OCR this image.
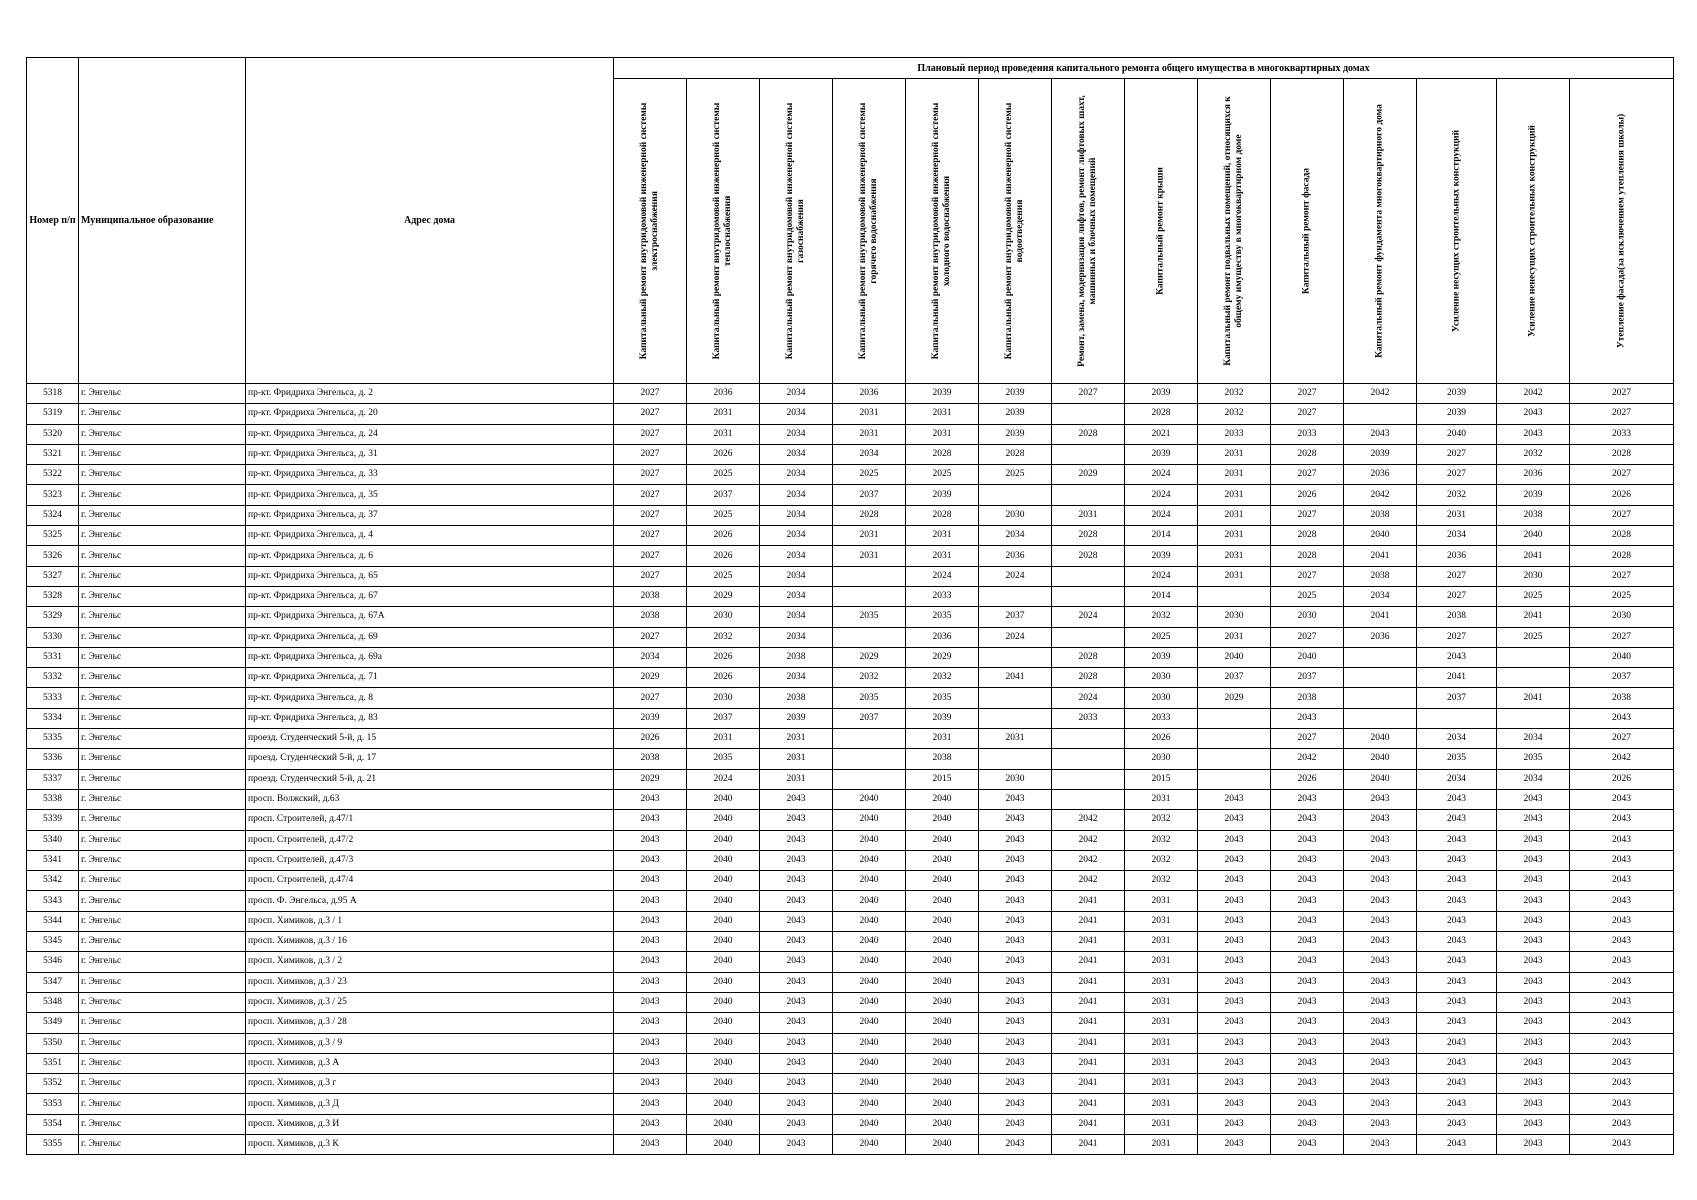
Номер п/п	Муниципальное образование	Адрес дома	Плановый период проведения капитального ремонта общего имущества в многоквартирных домах													

			Капитальный ремонт внутридомовой инженерной системы электроснабжения	Капитальный ремонт внутридомовой инженерной системы теплоснабжения	Капитальный ремонт внутридомовой инженерной системы газоснабжения	Капитальный ремонт внутридомовой инженерной системы горячего водоснабжения	Капитальный ремонт внутридомовой инженерной системы холодного водоснабжения	Капитальный ремонт внутридомовой инженерной системы водоотведения	Ремонт, замена, модернизация лифтов, ремонт лифтовых шахт, машинных и блочных помещений	Капитальный ремонт крыши	Капитальный ремонт подвальных помещений, относящихся к общему имуществу в многоквартирном доме	Капитальный ремонт фасада	Капитальный ремонт фундамента многоквартирного дома	Усиление несущих строительных конструкций	Усиление ненесущих строительных конструкций	Утепление фасада(за исключением утепления школы)

5318	г. Энгельс	пр-кт. Фридриха Энгельса, д. 2	2027	2036	2034	2036	2039	2039	2027	2039	2032	2027	2042	2039	2042	2027
5319	г. Энгельс	пр-кт. Фридриха Энгельса, д. 20	2027	2031	2034	2031	2031	2039		2028	2032	2027		2039	2043	2027
5320	г. Энгельс	пр-кт. Фридриха Энгельса, д. 24	2027	2031	2034	2031	2031	2039	2028	2021	2033	2033	2043	2040	2043	2033
5321	г. Энгельс	пр-кт. Фридриха Энгельса, д. 31	2027	2026	2034	2034	2028	2028		2039	2031	2028	2039	2027	2032	2028
5322	г. Энгельс	пр-кт. Фридриха Энгельса, д. 33	2027	2025	2034	2025	2025	2025	2029	2024	2031	2027	2036	2027	2036	2027
5323	г. Энгельс	пр-кт. Фридриха Энгельса, д. 35	2027	2037	2034	2037	2039			2024	2031	2026	2042	2032	2039	2026
5324	г. Энгельс	пр-кт. Фридриха Энгельса, д. 37	2027	2025	2034	2028	2028	2030	2031	2024	2031	2027	2038	2031	2038	2027
5325	г. Энгельс	пр-кт. Фридриха Энгельса, д. 4	2027	2026	2034	2031	2031	2034	2028	2014	2031	2028	2040	2034	2040	2028
5326	г. Энгельс	пр-кт. Фридриха Энгельса, д. 6	2027	2026	2034	2031	2031	2036	2028	2039	2031	2028	2041	2036	2041	2028
5327	г. Энгельс	пр-кт. Фридриха Энгельса, д. 65	2027	2025	2034		2024	2024		2024	2031	2027	2038	2027	2030	2027
5328	г. Энгельс	пр-кт. Фридриха Энгельса, д. 67	2038	2029	2034		2033			2014		2025	2034	2027	2025	2025
5329	г. Энгельс	пр-кт. Фридриха Энгельса, д. 67А	2038	2030	2034	2035	2035	2037	2024	2032	2030	2030	2041	2038	2041	2030
5330	г. Энгельс	пр-кт. Фридриха Энгельса, д. 69	2027	2032	2034		2036	2024		2025	2031	2027	2036	2027	2025	2027
5331	г. Энгельс	пр-кт. Фридриха Энгельса, д. 69а	2034	2026	2038	2029	2029		2028	2039	2040	2040		2043		2040
5332	г. Энгельс	пр-кт. Фридриха Энгельса, д. 71	2029	2026	2034	2032	2032	2041	2028	2030	2037	2037		2041		2037
5333	г. Энгельс	пр-кт. Фридриха Энгельса, д. 8	2027	2030	2038	2035	2035		2024	2030	2029	2038		2037	2041	2038
5334	г. Энгельс	пр-кт. Фридриха Энгельса, д. 83	2039	2037	2039	2037	2039		2033	2033		2043				2043
5335	г. Энгельс	проезд. Студенческий 5-й, д. 15	2026	2031	2031		2031	2031		2026		2027	2040	2034	2034	2027
5336	г. Энгельс	проезд. Студенческий 5-й, д. 17	2038	2035	2031		2038			2030		2042	2040	2035	2035	2042
5337	г. Энгельс	проезд. Студенческий 5-й, д. 21	2029	2024	2031		2015	2030		2015		2026	2040	2034	2034	2026
5338	г. Энгельс	просп. Волжский, д.63	2043	2040	2043	2040	2040	2043		2031	2043	2043	2043	2043	2043	2043
5339	г. Энгельс	просп. Строителей, д.47/1	2043	2040	2043	2040	2040	2043	2042	2032	2043	2043	2043	2043	2043	2043
5340	г. Энгельс	просп. Строителей, д.47/2	2043	2040	2043	2040	2040	2043	2042	2032	2043	2043	2043	2043	2043	2043
5341	г. Энгельс	просп. Строителей, д.47/3	2043	2040	2043	2040	2040	2043	2042	2032	2043	2043	2043	2043	2043	2043
5342	г. Энгельс	просп. Строителей, д.47/4	2043	2040	2043	2040	2040	2043	2042	2032	2043	2043	2043	2043	2043	2043
5343	г. Энгельс	просп. Ф. Энгельса, д.95 А	2043	2040	2043	2040	2040	2043	2041	2031	2043	2043	2043	2043	2043	2043
5344	г. Энгельс	просп. Химиков, д.3 / 1	2043	2040	2043	2040	2040	2043	2041	2031	2043	2043	2043	2043	2043	2043
5345	г. Энгельс	просп. Химиков, д.3 / 16	2043	2040	2043	2040	2040	2043	2041	2031	2043	2043	2043	2043	2043	2043
5346	г. Энгельс	просп. Химиков, д.3 / 2	2043	2040	2043	2040	2040	2043	2041	2031	2043	2043	2043	2043	2043	2043
5347	г. Энгельс	просп. Химиков, д.3 / 23	2043	2040	2043	2040	2040	2043	2041	2031	2043	2043	2043	2043	2043	2043
5348	г. Энгельс	просп. Химиков, д.3 / 25	2043	2040	2043	2040	2040	2043	2041	2031	2043	2043	2043	2043	2043	2043
5349	г. Энгельс	просп. Химиков, д.3 / 28	2043	2040	2043	2040	2040	2043	2041	2031	2043	2043	2043	2043	2043	2043
5350	г. Энгельс	просп. Химиков, д.3 / 9	2043	2040	2043	2040	2040	2043	2041	2031	2043	2043	2043	2043	2043	2043
5351	г. Энгельс	просп. Химиков, д.3 А	2043	2040	2043	2040	2040	2043	2041	2031	2043	2043	2043	2043	2043	2043
5352	г. Энгельс	просп. Химиков, д.3 г	2043	2040	2043	2040	2040	2043	2041	2031	2043	2043	2043	2043	2043	2043
5353	г. Энгельс	просп. Химиков, д.3 Д	2043	2040	2043	2040	2040	2043	2041	2031	2043	2043	2043	2043	2043	2043
5354	г. Энгельс	просп. Химиков, д.3 И	2043	2040	2043	2040	2040	2043	2041	2031	2043	2043	2043	2043	2043	2043
5355	г. Энгельс	просп. Химиков, д.3 К	2043	2040	2043	2040	2040	2043	2041	2031	2043	2043	2043	2043	2043	2043
